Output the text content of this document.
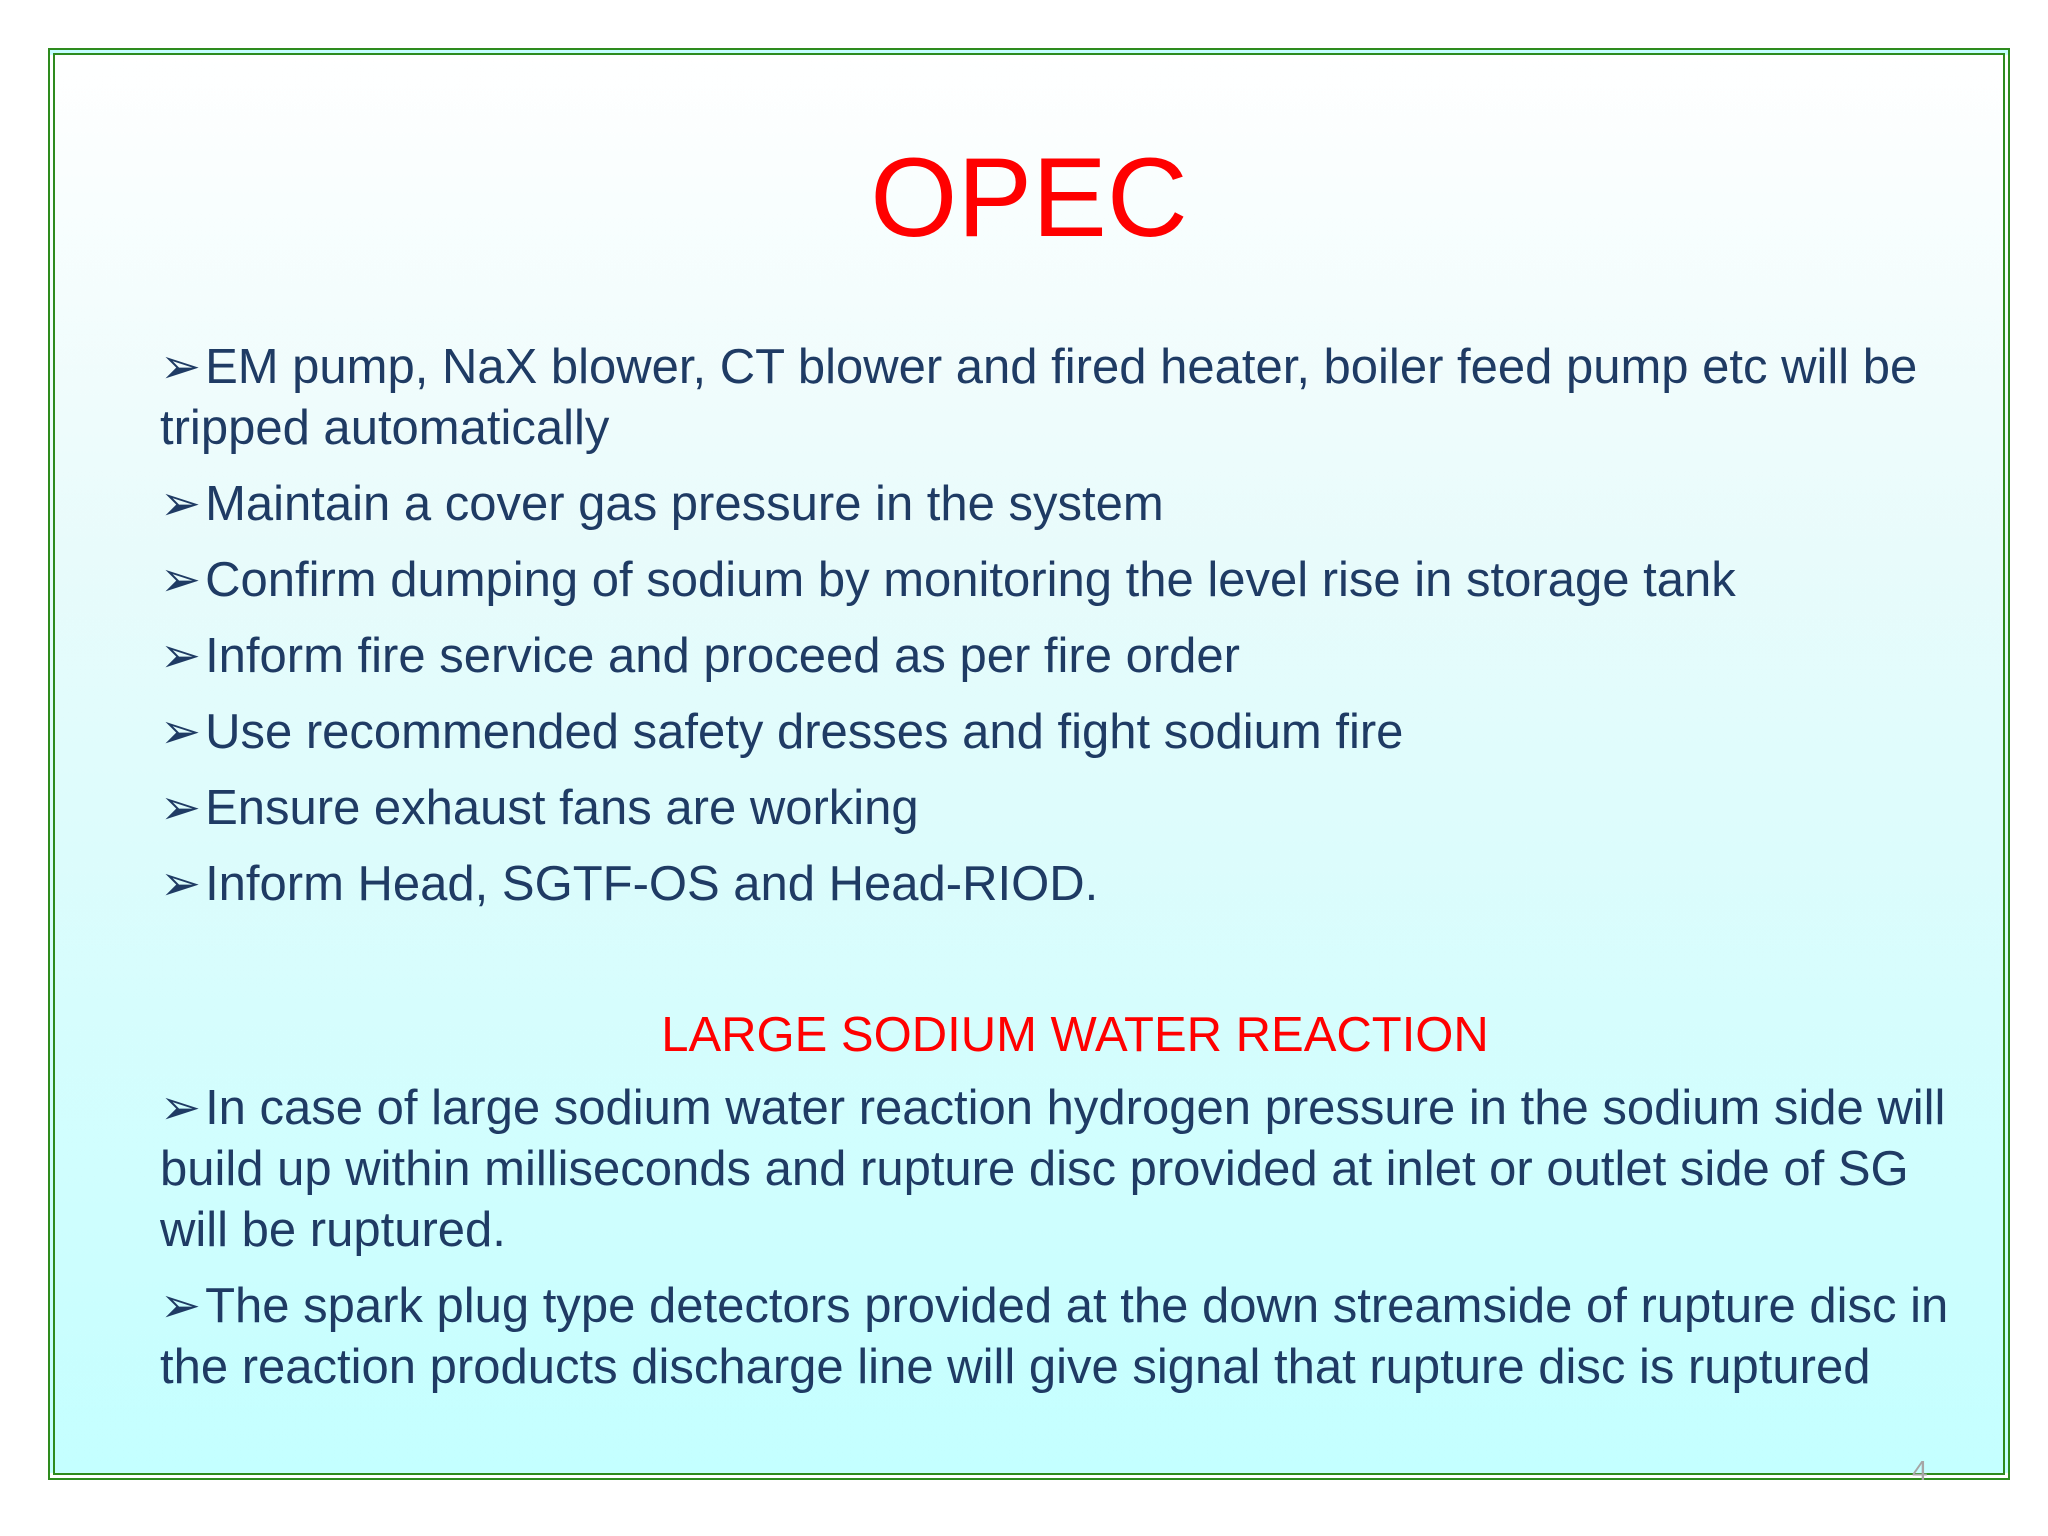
OPEC
➢EM pump, NaX blower, CT blower and fired heater, boiler feed pump etc will be tripped automatically
➢Maintain a cover gas pressure in the system
➢Confirm dumping of sodium by monitoring the level rise in storage tank
➢Inform fire service and proceed as per fire order
➢Use recommended safety dresses and fight sodium fire
➢Ensure exhaust fans are working
➢Inform Head, SGTF-OS and Head-RIOD.
LARGE SODIUM WATER REACTION
➢In case of large sodium water reaction hydrogen pressure in the sodium side will build up within milliseconds and rupture disc provided at inlet or outlet side of SG will be ruptured.
➢The spark plug type detectors provided at the down streamside of rupture disc in the reaction products discharge line will give signal that rupture disc is ruptured
4
